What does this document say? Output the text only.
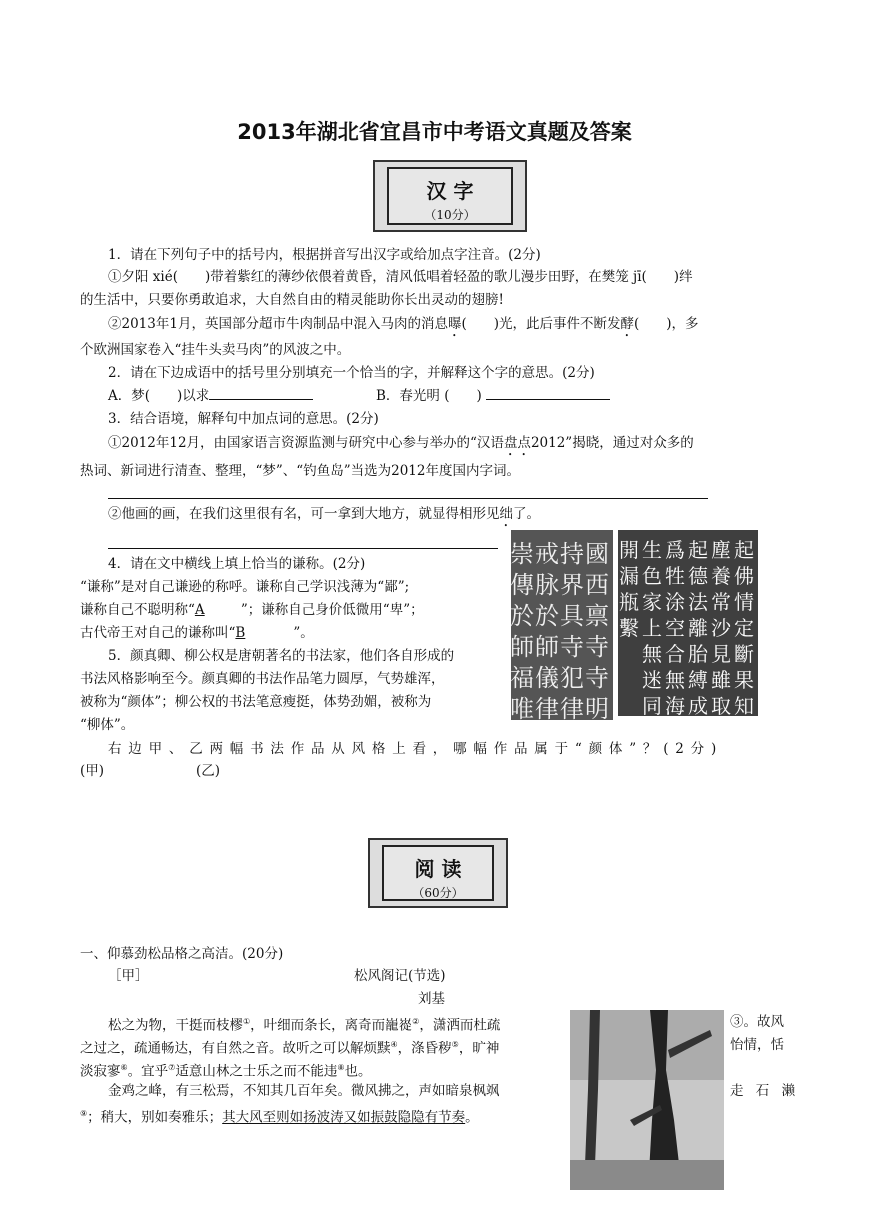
2013年湖北省宜昌市中考语文真题及答案
汉 字
（10分）
1．请在下列句子中的括号内，根据拼音写出汉字或给加点字注音。(2分)
①夕阳 xié(　　)带着紫红的薄纱依偎着黄昏，清风低唱着轻盈的歌儿漫步田野，在樊笼 jī(　　)绊
的生活中，只要你勇敢追求，大自然自由的精灵能助你长出灵动的翅膀!
②2013年1月，英国部分超市牛肉制品中混入马肉的消息曝(　　)光，此后事件不断发酵(　　)，多
个欧洲国家卷入“挂牛头卖马肉”的风波之中。
2．请在下边成语中的括号里分别填充一个恰当的字，并解释这个字的意思。(2分)
A．梦(　　)以求	B．春光明 (　　)
3．结合语境，解释句中加点词的意思。(2分)
①2012年12月，由国家语言资源监测与研究中心参与举办的“汉语盘点2012”揭晓，通过对众多的
热词、新词进行清查、整理，“梦”、“钓鱼岛”当选为2012年度国内字词。
②他画的画，在我们这里很有名，可一拿到大地方，就显得相形见绌了。
4．请在文中横线上填上恰当的谦称。(2分)
“谦称”是对自己谦逊的称呼。谦称自己学识浅薄为“鄙”;
谦称自己不聪明称“A	”；谦称自己身价低微用“卑”；
古代帝王对自己的谦称叫“B	”。
5．颜真卿、柳公权是唐朝著名的书法家，他们各自形成的
书法风格影响至今。颜真卿的书法作品笔力圆厚，气势雄浑，
被称为“颜体”；柳公权的书法笔意瘦挺，体势劲媚，被称为
“柳体”。
右边甲、乙两幅书法作品从风格上看，哪幅作品属于“颜体”？(2分)
(甲)	(乙)
國
西
禀
寺
寺
明
持
界
具
寺
犯
律
戒
脉
於
師
儀
律
崇
傳
於
師
福
唯
起
佛
情
定
斷
果
知
塵
養
常
沙
見
雖
取
起
德
法
離
胎
縛
成
爲
牲
涂
空
合
無
海
生
色
家
上
無
迷
同
開
漏
瓶
繫
阅 读
（60分）
一、仰慕劲松品格之高洁。(20分)
［甲］	松风阁记(节选)
刘基
松之为物，干挺而枝樛①，叶细而条长，离奇而巃嵸②，潇洒而杜疏	③。故风
之过之，疏通畅达，有自然之音。故听之可以解烦黩④，涤昏秽⑤，旷神	怡情，恬
淡寂寥⑥。宜乎⑦适意山林之士乐之而不能违⑧也。
金鸡之峰，有三松焉，不知其几百年矣。微风拂之，声如暗泉枫飒	走 石 濑
⑨；稍大，别如奏雅乐；其大风至则如扬波涛又如振鼓隐隐有节奏。
